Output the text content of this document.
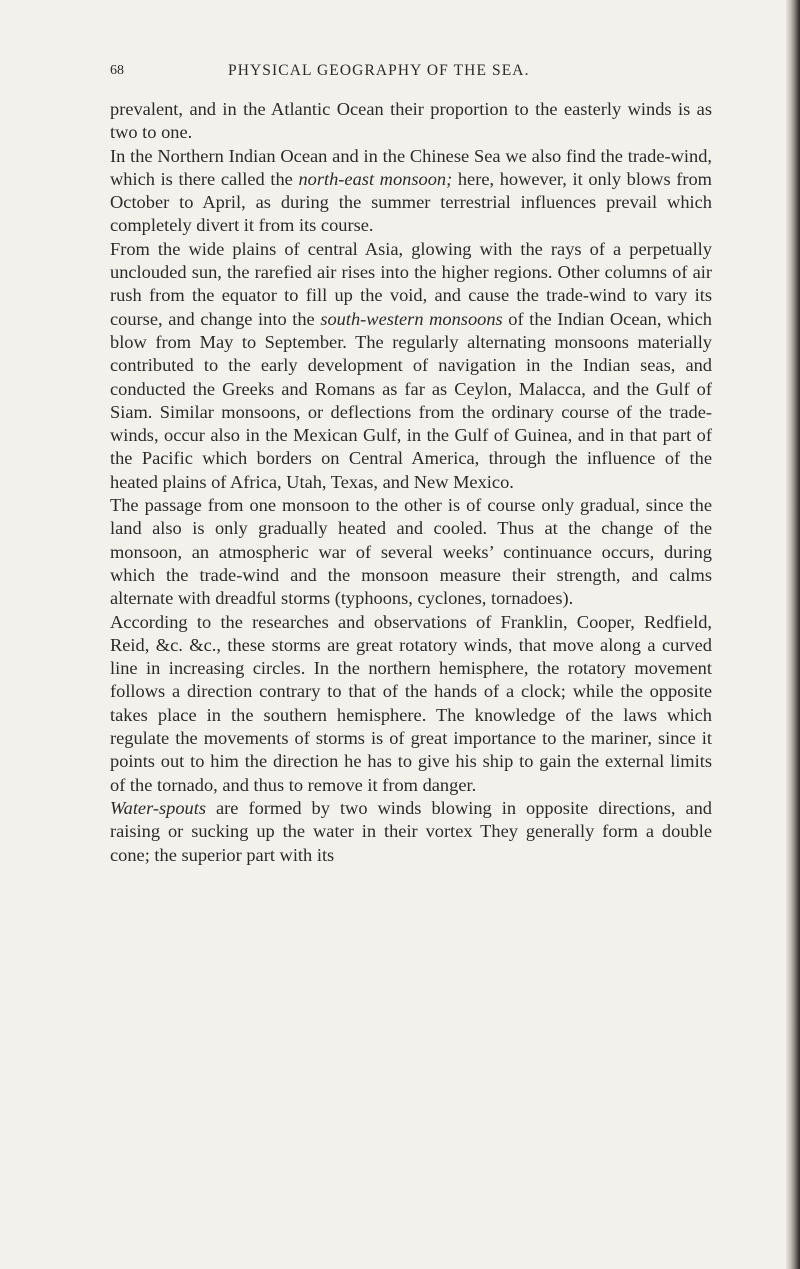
68	PHYSICAL GEOGRAPHY OF THE SEA.

prevalent, and in the Atlantic Ocean their proportion to the easterly winds is as two to one.

In the Northern Indian Ocean and in the Chinese Sea we also find the trade-wind, which is there called the north-east monsoon; here, however, it only blows from October to April, as during the summer terrestrial influences prevail which completely divert it from its course.

From the wide plains of central Asia, glowing with the rays of a perpetually unclouded sun, the rarefied air rises into the higher regions. Other columns of air rush from the equator to fill up the void, and cause the trade-wind to vary its course, and change into the south-western monsoons of the Indian Ocean, which blow from May to September. The regularly alternating monsoons materially contributed to the early development of navigation in the Indian seas, and conducted the Greeks and Romans as far as Ceylon, Malacca, and the Gulf of Siam. Similar monsoons, or deflections from the ordinary course of the trade-winds, occur also in the Mexican Gulf, in the Gulf of Guinea, and in that part of the Pacific which borders on Central America, through the influence of the heated plains of Africa, Utah, Texas, and New Mexico.

The passage from one monsoon to the other is of course only gradual, since the land also is only gradually heated and cooled. Thus at the change of the monsoon, an atmospheric war of several weeks’ continuance occurs, during which the trade-wind and the monsoon measure their strength, and calms alternate with dreadful storms (typhoons, cyclones, tornadoes).

According to the researches and observations of Franklin, Cooper, Redfield, Reid, &c. &c., these storms are great rotatory winds, that move along a curved line in increasing circles. In the northern hemisphere, the rotatory movement follows a direction contrary to that of the hands of a clock; while the opposite takes place in the southern hemisphere. The knowledge of the laws which regulate the movements of storms is of great importance to the mariner, since it points out to him the direction he has to give his ship to gain the external limits of the tornado, and thus to remove it from danger.

Water-spouts are formed by two winds blowing in opposite directions, and raising or sucking up the water in their vortex They generally form a double cone; the superior part with its
